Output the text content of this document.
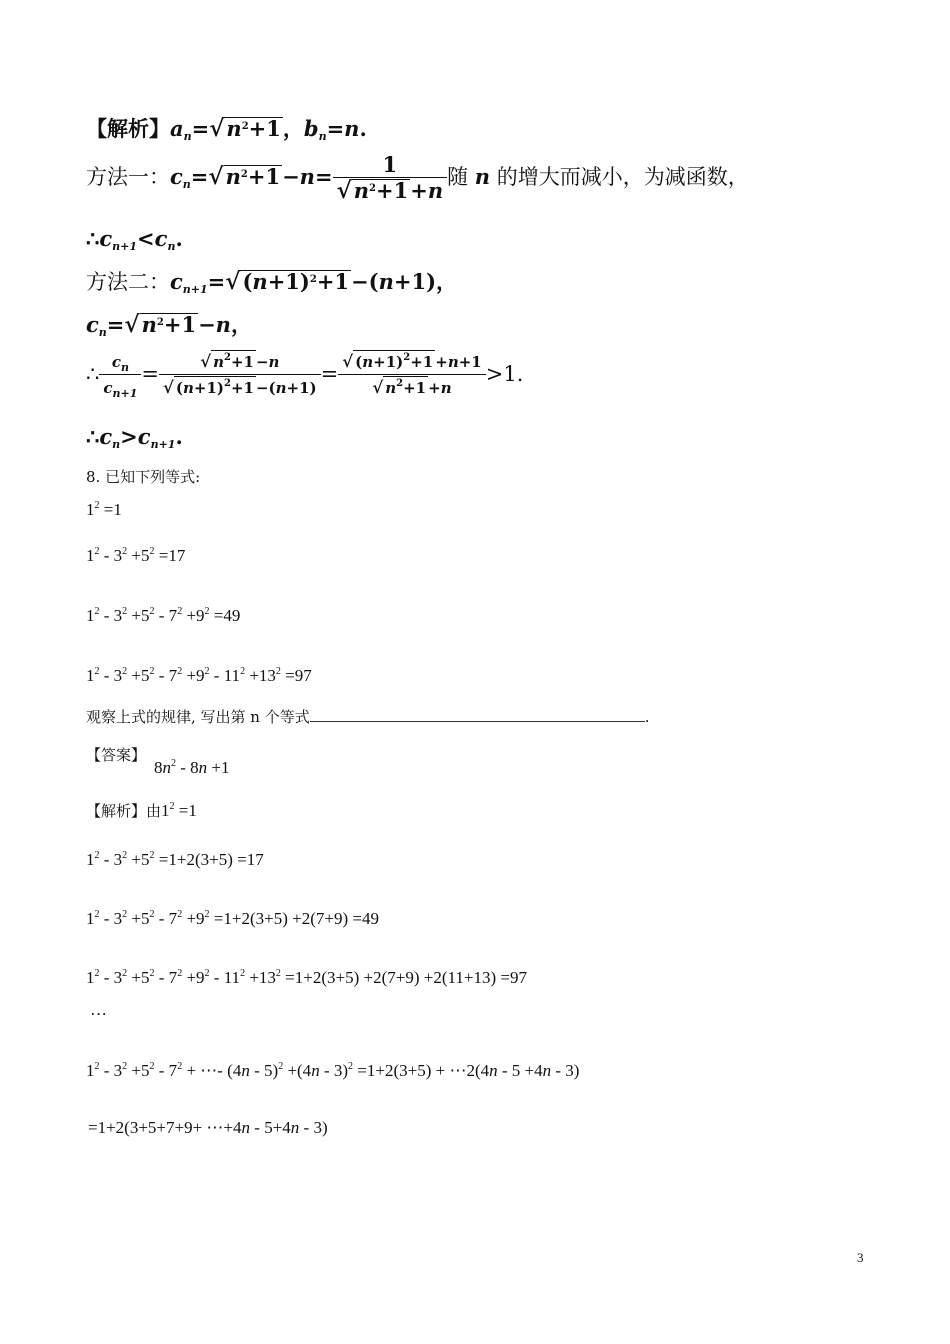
【解析】$a_n=√n^2+1$，$b_n=n$.
方法一：$c_n=√n^2+1-n= \frac{1}{√n^2+1+n}$ 随 n 的增大而减小，为减函数，
$\therefore c_{n+1}<c_n$.
方法二：$c_{n+1}=√(n+1)^2+1-(n+1)$，
$c_n=√n^2+1-n$，
∴ $\frac{c_n}{c_{n+1}} = \frac{√ n^2+1 -n}{√ (n+1)^2+1 -(n+1)} = \frac{√ (n+1)^2+1 +n+1}{√ n^2+1 +n} >1$.
$\therefore c_n>c_{n+1}$.
8. 已知下列等式:
$1^2 =1$
$1^2 - 3^2 +5^2 =17$
$1^2 - 3^2 +5^2 - 7^2 +9^2 =49$
$1^2 - 3^2 +5^2 - 7^2 +9^2 - 11^2 +13^2 =97$
观察上式的规律, 写出第 n 个等式	.
【答案】
$8n^2 - 8n +1$
【解析】由$1^2 =1$
$1^2 - 3^2 +5^2 =1+2(3+5) =17$
$1^2 - 3^2 +5^2 - 7^2 +9^2 =1+2(3+5) +2(7+9) =49$
$1^2 - 3^2 +5^2 - 7^2 +9^2 - 11^2 +13^2 =1+2(3+5) +2(7+9) +2(11+13) =97$
…
$1^2 - 3^2 +5^2 - 7^2$ + ⋯- (4n - 5)$^2$ +(4n - 3)$^2$ =1+2(3+5) + ⋯2(4n - 5 +4n - 3)
=1+2(3+5+7+9+ ⋯+4n - 5+4n - 3)
3
